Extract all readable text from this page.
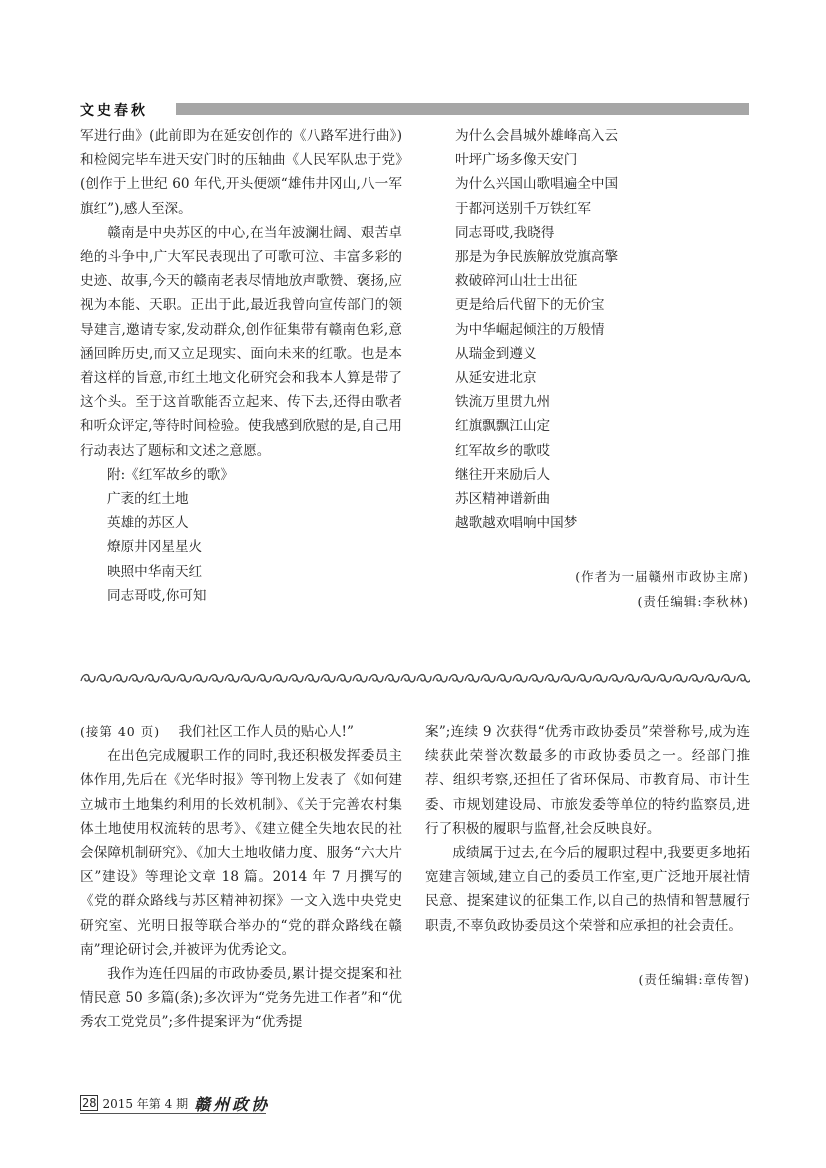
文史春秋

军进行曲》(此前即为在延安创作的《八路军进行曲》)和检阅完毕车进天安门时的压轴曲《人民军队忠于党》(创作于上世纪 60 年代,开头便颂“雄伟井冈山,八一军旗红”),感人至深。

赣南是中央苏区的中心,在当年波澜壮阔、艰苦卓绝的斗争中,广大军民表现出了可歌可泣、丰富多彩的史迹、故事,今天的赣南老表尽情地放声歌赞、褒扬,应视为本能、天职。正出于此,最近我曾向宣传部门的领导建言,邀请专家,发动群众,创作征集带有赣南色彩,意涵回眸历史,而又立足现实、面向未来的红歌。也是本着这样的旨意,市红土地文化研究会和我本人算是带了这个头。至于这首歌能否立起来、传下去,还得由歌者和听众评定,等待时间检验。使我感到欣慰的是,自己用行动表达了题标和文述之意愿。

附:《红军故乡的歌》
广袤的红土地
英雄的苏区人
燎原井冈星星火
映照中华南天红
同志哥哎,你可知
为什么会昌城外雄峰高入云
叶坪广场多像天安门
为什么兴国山歌唱遍全中国
于都河送别千万铁红军
同志哥哎,我晓得
那是为争民族解放党旗高擎
救破碎河山壮士出征
更是给后代留下的无价宝
为中华崛起倾注的万般情
从瑞金到遵义
从延安进北京
铁流万里贯九州
红旗飘飘江山定
红军故乡的歌哎
继往开来励后人
苏区精神谱新曲
越歌越欢唱响中国梦
(作者为一届赣州市政协主席)
(责任编辑:李秋林)

(接第 40 页) 我们社区工作人员的贴心人!”

在出色完成履职工作的同时,我还积极发挥委员主体作用,先后在《光华时报》等刊物上发表了《如何建立城市土地集约利用的长效机制》、《关于完善农村集体土地使用权流转的思考》、《建立健全失地农民的社会保障机制研究》、《加大土地收储力度、服务“六大片区”建设》等理论文章 18 篇。2014 年 7 月撰写的《党的群众路线与苏区精神初探》一文入选中央党史研究室、光明日报等联合举办的“党的群众路线在赣南”理论研讨会,并被评为优秀论文。

我作为连任四届的市政协委员,累计提交提案和社情民意 50 多篇(条);多次评为“党务先进工作者”和“优秀农工党党员”;多件提案评为“优秀提

案”;连续 9 次获得“优秀市政协委员”荣誉称号,成为连续获此荣誉次数最多的市政协委员之一。经部门推荐、组织考察,还担任了省环保局、市教育局、市计生委、市规划建设局、市旅发委等单位的特约监察员,进行了积极的履职与监督,社会反映良好。

成绩属于过去,在今后的履职过程中,我要更多地拓宽建言领域,建立自己的委员工作室,更广泛地开展社情民意、提案建议的征集工作,以自己的热情和智慧履行职责,不辜负政协委员这个荣誉和应承担的社会责任。

(责任编辑:章传智)
28 2015 年第 4 期 赣州政协
